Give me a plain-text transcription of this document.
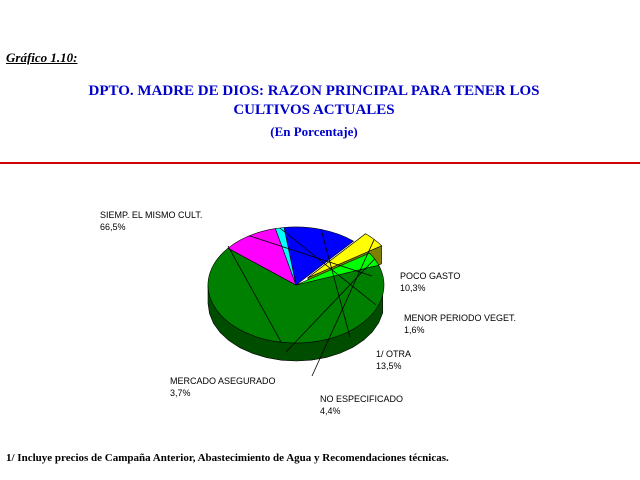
Gráfico 1.10:
DPTO. MADRE DE DIOS: RAZON PRINCIPAL PARA TENER LOS
CULTIVOS ACTUALES
(En Porcentaje)
SIEMP. EL MISMO CULT.
66,5%
POCO GASTO
10,3%
MENOR PERIODO VEGET.
1,6%
1/ OTRA
13,5%
NO ESPECIFICADO
4,4%
MERCADO ASEGURADO
3,7%
1/ Incluye precios de Campaña Anterior, Abastecimiento de Agua y Recomendaciones técnicas.
